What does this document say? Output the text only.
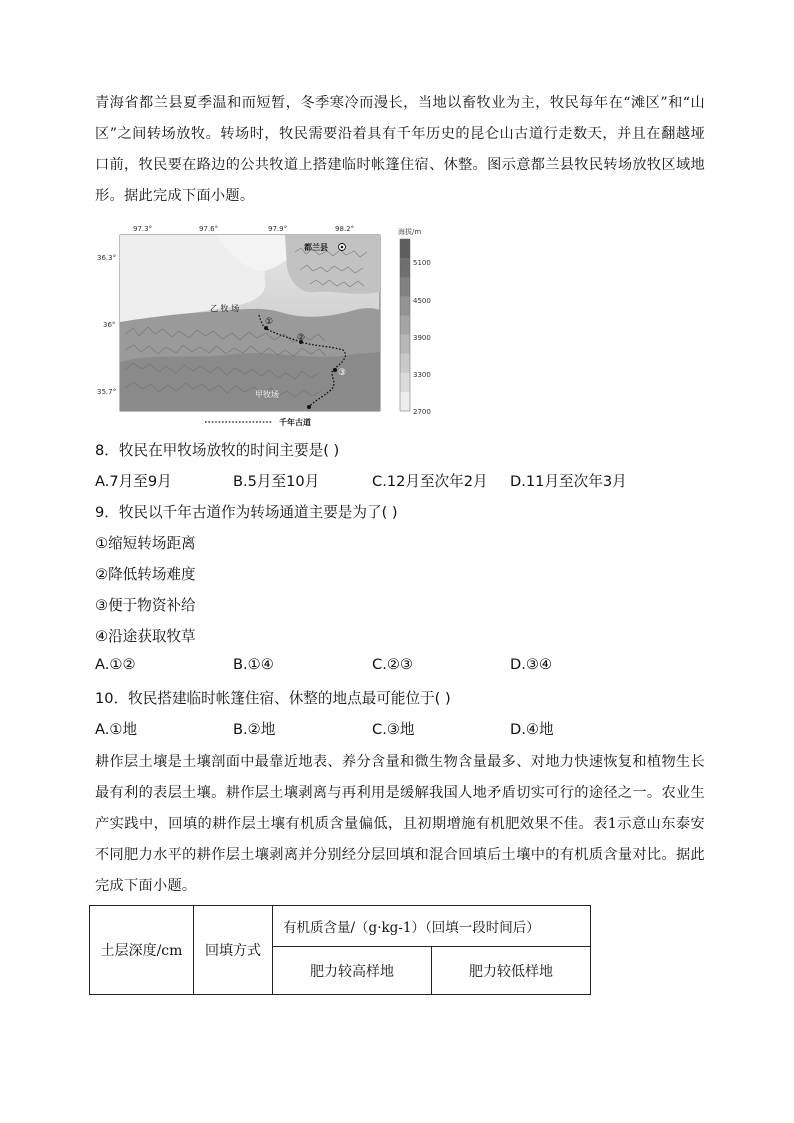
青海省都兰县夏季温和而短暂，冬季寒冷而漫长，当地以畜牧业为主，牧民每年在“滩区”和“山区”之间转场放牧。转场时，牧民需要沿着具有千年历史的昆仑山古道行走数天，并且在翻越垭口前，牧民要在路边的公共牧道上搭建临时帐篷住宿、休整。图示意都兰县牧民转场放牧区域地形。据此完成下面小题。
97.3°	97.6°	97.9°	98.2°
36.3°
36°
35.7°
都兰县
乙 牧 场
甲牧场
①
②
③
千年古道
海拔/m
5100
4500
3900
3300
2700
8．牧民在甲牧场放牧的时间主要是( )
A.7月至9月	B.5月至10月	C.12月至次年2月 D.11月至次年3月
9．牧民以千年古道作为转场通道主要是为了( )
①缩短转场距离
②降低转场难度
③便于物资补给
④沿途获取牧草
A.①②	B.①④	C.②③	D.③④
10．牧民搭建临时帐篷住宿、休整的地点最可能位于( )
A.①地	B.②地	C.③地	D.④地
耕作层土壤是土壤剖面中最靠近地表、养分含量和微生物含量最多、对地力快速恢复和植物生长最有利的表层土壤。耕作层土壤剥离与再利用是缓解我国人地矛盾切实可行的途径之一。农业生产实践中，回填的耕作层土壤有机质含量偏低，且初期增施有机肥效果不佳。表1示意山东泰安不同肥力水平的耕作层土壤剥离并分别经分层回填和混合回填后土壤中的有机质含量对比。据此完成下面小题。
土层深度/cm	回填方式	有机质含量/（g·kg-1）（回填一段时间后）	
		肥力较高样地	肥力较低样地
